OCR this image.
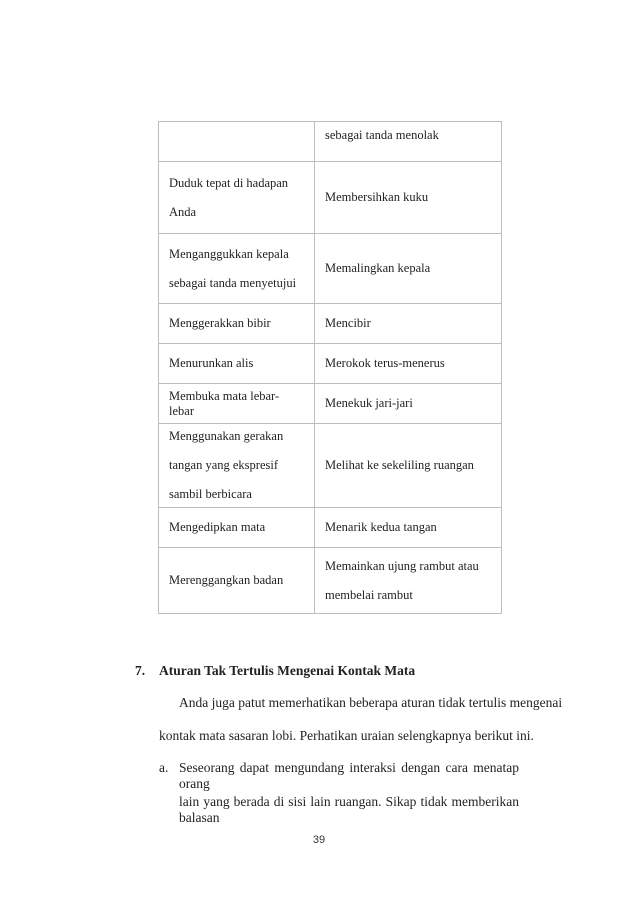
	sebagai tanda menolak

Duduk tepat di hadapan
Anda	Membersihkan kuku

Menganggukkan kepala
sebagai tanda menyetujui	Memalingkan kepala

Menggerakkan bibir	Mencibir

Menurunkan alis	Merokok terus-menerus

Membuka mata lebar-lebar	Menekuk jari-jari

Menggunakan gerakan
tangan yang ekspresif
sambil berbicara	Melihat ke sekeliling ruangan

Mengedipkan mata	Menarik kedua tangan

Merenggangkan badan	Memainkan ujung rambut atau
membelai rambut
7. Aturan Tak Tertulis Mengenai Kontak Mata
Anda juga patut memerhatikan beberapa aturan tidak tertulis mengenai
kontak mata sasaran lobi. Perhatikan uraian selengkapnya berikut ini.
a. Seseorang dapat mengundang interaksi dengan cara menatap orang
lain yang berada di sisi lain ruangan. Sikap tidak memberikan balasan
39
